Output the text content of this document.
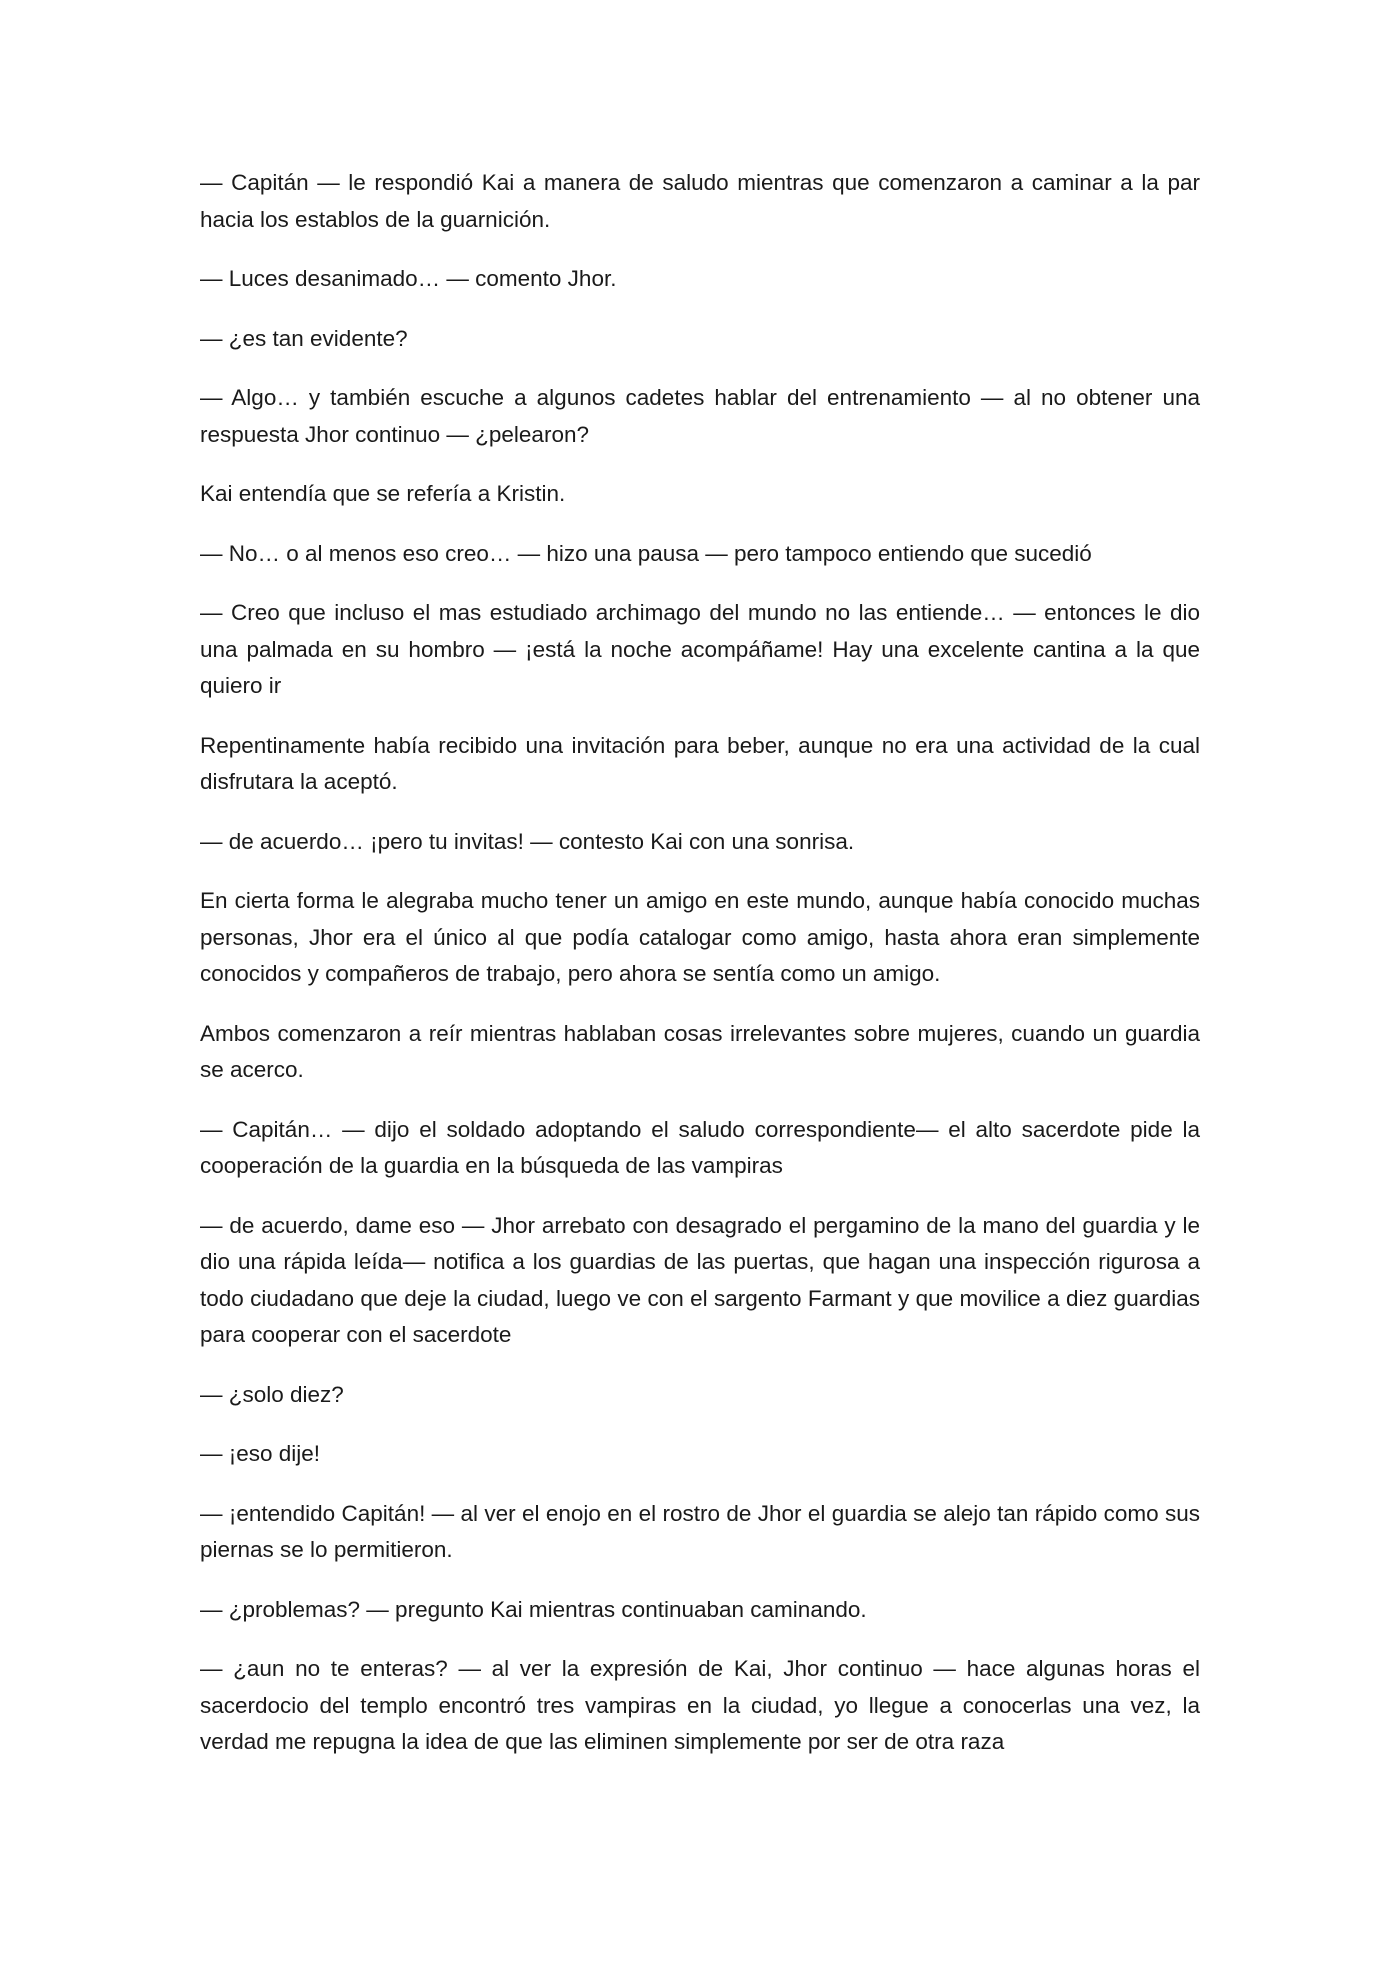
— Capitán — le respondió Kai a manera de saludo mientras que comenzaron a caminar a la par hacia los establos de la guarnición.

— Luces desanimado… — comento Jhor.

— ¿es tan evidente?

— Algo… y también escuche a algunos cadetes hablar del entrenamiento — al no obtener una respuesta Jhor continuo — ¿pelearon?

Kai entendía que se refería a Kristin.

— No… o al menos eso creo… — hizo una pausa — pero tampoco entiendo que sucedió

— Creo que incluso el mas estudiado archimago del mundo no las entiende… — entonces le dio una palmada en su hombro — ¡está la noche acompáñame! Hay una excelente cantina a la que quiero ir

Repentinamente había recibido una invitación para beber, aunque no era una actividad de la cual disfrutara la aceptó.

— de acuerdo… ¡pero tu invitas! — contesto Kai con una sonrisa.

En cierta forma le alegraba mucho tener un amigo en este mundo, aunque había conocido muchas personas, Jhor era el único al que podía catalogar como amigo, hasta ahora eran simplemente conocidos y compañeros de trabajo, pero ahora se sentía como un amigo.

Ambos comenzaron a reír mientras hablaban cosas irrelevantes sobre mujeres, cuando un guardia se acerco.

— Capitán… — dijo el soldado adoptando el saludo correspondiente— el alto sacerdote pide la cooperación de la guardia en la búsqueda de las vampiras

— de acuerdo, dame eso — Jhor arrebato con desagrado el pergamino de la mano del guardia y le dio una rápida leída— notifica a los guardias de las puertas, que hagan una inspección rigurosa a todo ciudadano que deje la ciudad, luego ve con el sargento Farmant y que movilice a diez guardias para cooperar con el sacerdote

— ¿solo diez?

— ¡eso dije!

— ¡entendido Capitán! — al ver el enojo en el rostro de Jhor el guardia se alejo tan rápido como sus piernas se lo permitieron.

— ¿problemas? — pregunto Kai mientras continuaban caminando.

— ¿aun no te enteras? — al ver la expresión de Kai, Jhor continuo — hace algunas horas el sacerdocio del templo encontró tres vampiras en la ciudad, yo llegue a conocerlas una vez, la verdad me repugna la idea de que las eliminen simplemente por ser de otra raza
